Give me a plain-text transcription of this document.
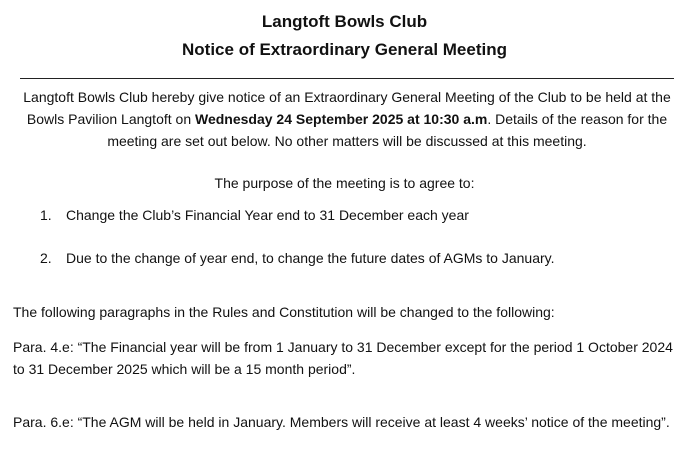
Langtoft Bowls Club
Notice of Extraordinary General Meeting

Langtoft Bowls Club hereby give notice of an Extraordinary General Meeting of the Club to be held at the Bowls Pavilion Langtoft on Wednesday 24 September 2025 at 10:30 a.m. Details of the reason for the meeting are set out below. No other matters will be discussed at this meeting.

The purpose of the meeting is to agree to:

1. Change the Club’s Financial Year end to 31 December each year

2. Due to the change of year end, to change the future dates of AGMs to January.

The following paragraphs in the Rules and Constitution will be changed to the following:

Para. 4.e: “The Financial year will be from 1 January to 31 December except for the period 1 October 2024 to 31 December 2025 which will be a 15 month period”.

Para. 6.e: “The AGM will be held in January. Members will receive at least 4 weeks’ notice of the meeting”.
